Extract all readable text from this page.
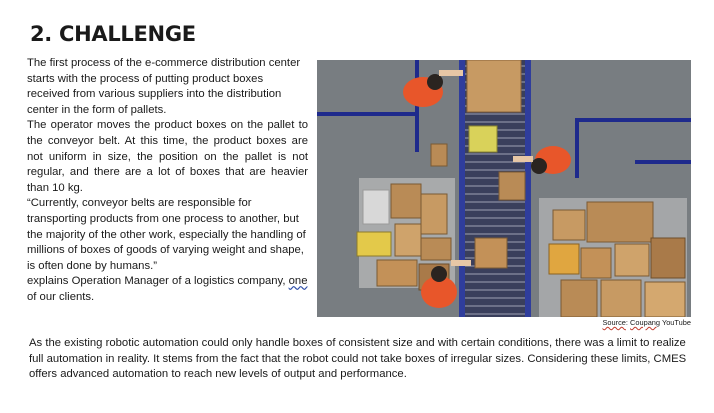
2. CHALLENGE

The first process of the e-commerce distribution center starts with the process of putting product boxes received from various suppliers into the distribution center in the form of pallets.

The operator moves the product boxes on the pallet to the conveyor belt. At this time, the product boxes are not uniform in size, the position on the pallet is not regular, and there are a lot of boxes that are heavier than 10 kg.

“Currently, conveyor belts are responsible for transporting products from one process to another, but the majority of the other work, especially the handling of millions of boxes of goods of varying weight and shape, is often done by humans.”

explains Operation Manager of a logistics company, one of our clients.

Source: Coupang YouTube

As the existing robotic automation could only handle boxes of consistent size and with certain conditions, there was a limit to realize full automation in reality. It stems from the fact that the robot could not take boxes of irregular sizes. Considering these limits, CMES offers advanced automation to reach new levels of output and performance.
